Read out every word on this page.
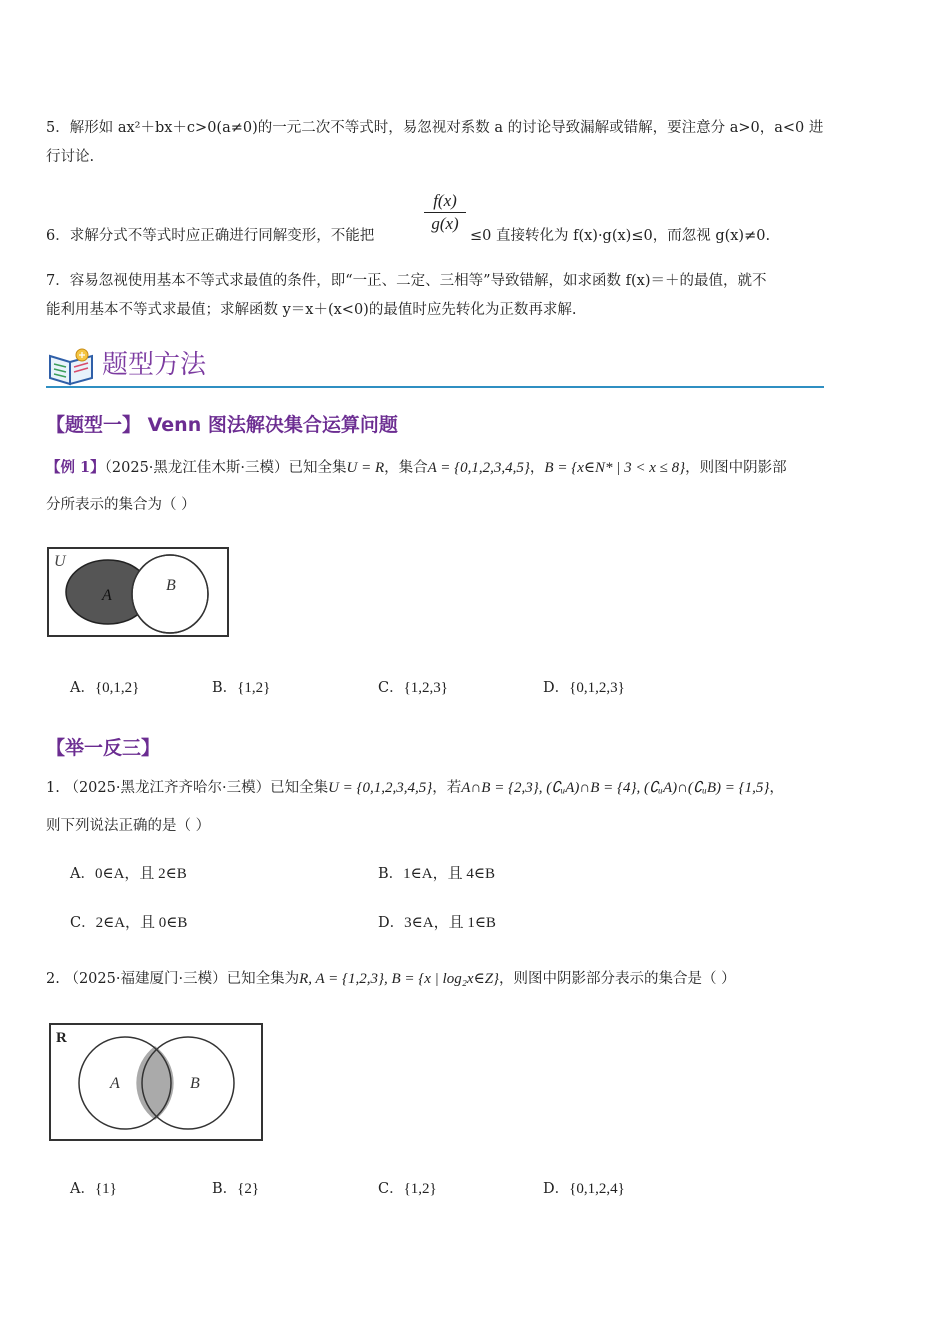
5．解形如 ax²＋bx＋c>0(a≠0)的一元二次不等式时，易忽视对系数 a 的讨论导致漏解或错解，要注意分 a>0，a<0 进
行讨论.
6．求解分式不等式时应正确进行同解变形，不能把
$\frac{f(x)}{g(x)}$
≤0 直接转化为 f(x)·g(x)≤0，而忽视 g(x)≠0.
7．容易忽视使用基本不等式求最值的条件，即“一正、二定、三相等”导致错解，如求函数 f(x)＝＋的最值，就不
能利用基本不等式求最值；求解函数 y＝x＋(x<0)的最值时应先转化为正数再求解.
题型方法
【题型一】 Venn 图法解决集合运算问题
【例 1】（2025·黑龙江佳木斯·三模）已知全集U = R，集合A = {0,1,2,3,4,5}，B = {x∈N* | 3 < x ≤ 8}，则图中阴影部
分所表示的集合为（ ）
U
A
B
A．{0,1,2}	B．{1,2}	C．{1,2,3}	D．{0,1,2,3}
【举一反三】
1. （2025·黑龙江齐齐哈尔·三模）已知全集U = {0,1,2,3,4,5}，若A∩B = {2,3}, (∁ᵤA)∩B = {4}, (∁ᵤA)∩(∁ᵤB) = {1,5}，
则下列说法正确的是（ ）
A．0∈A，且 2∈B	B．1∈A，且 4∈B
C．2∈A，且 0∈B	D．3∈A，且 1∈B
2. （2025·福建厦门·三模）已知全集为R, A = {1,2,3}, B = {x | log₂x∈Z}，则图中阴影部分表示的集合是（ ）
R
A	B
A．{1}	B．{2}	C．{1,2}	D．{0,1,2,4}
